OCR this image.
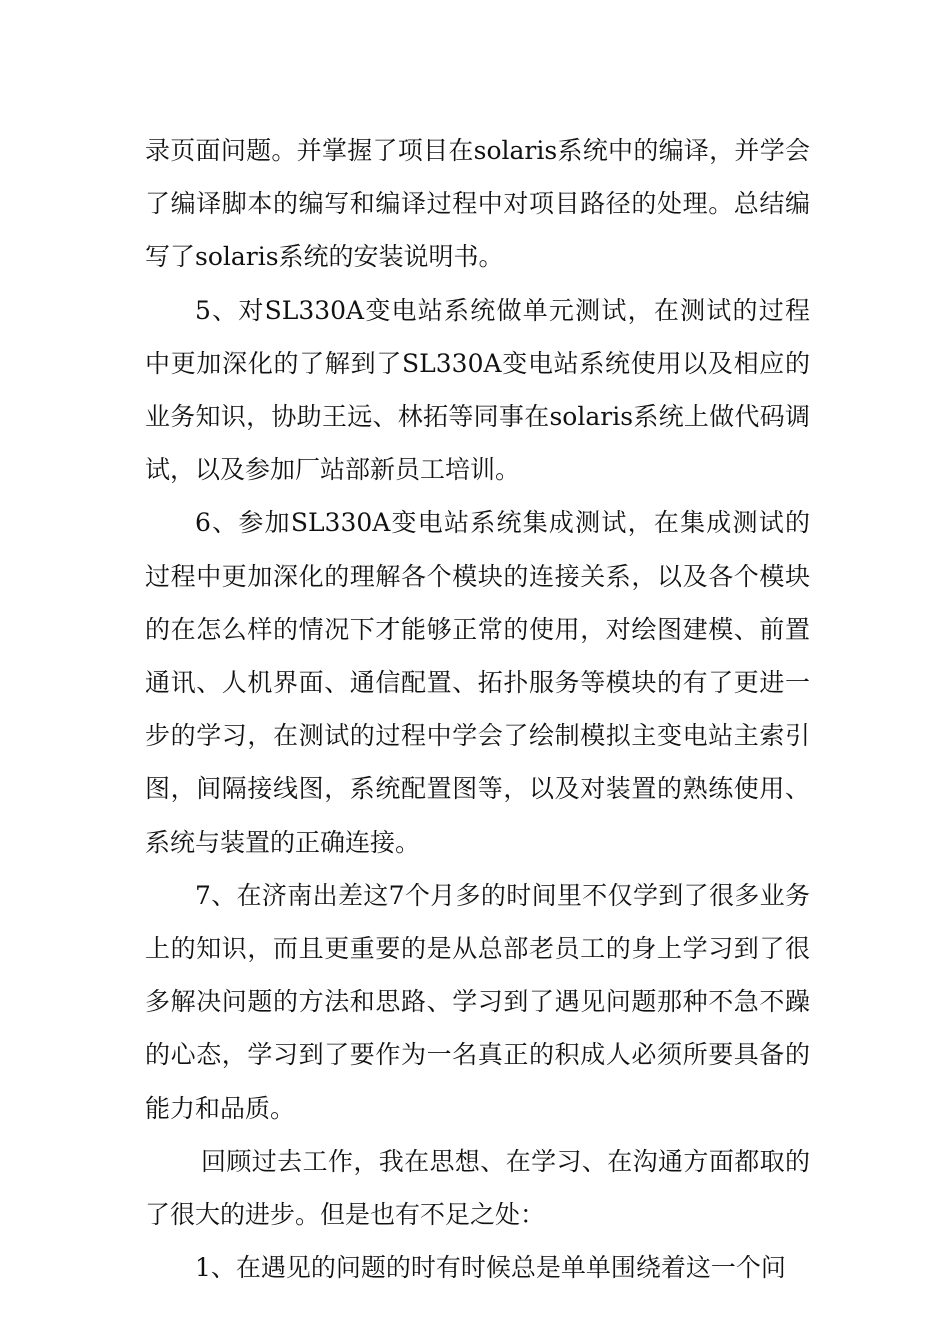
录页面问题。并掌握了项目在solaris系统中的编译，并学会了编译脚本的编写和编译过程中对项目路径的处理。总结编写了solaris系统的安装说明书。

5、对SL330A变电站系统做单元测试，在测试的过程中更加深化的了解到了SL330A变电站系统使用以及相应的业务知识，协助王远、林拓等同事在solaris系统上做代码调试，以及参加厂站部新员工培训。

6、参加SL330A变电站系统集成测试，在集成测试的过程中更加深化的理解各个模块的连接关系，以及各个模块的在怎么样的情况下才能够正常的使用，对绘图建模、前置通讯、人机界面、通信配置、拓扑服务等模块的有了更进一步的学习，在测试的过程中学会了绘制模拟主变电站主索引图，间隔接线图，系统配置图等，以及对装置的熟练使用、系统与装置的正确连接。

7、在济南出差这7个月多的时间里不仅学到了很多业务上的知识，而且更重要的是从总部老员工的身上学习到了很多解决问题的方法和思路、学习到了遇见问题那种不急不躁的心态，学习到了要作为一名真正的积成人必须所要具备的能力和品质。

回顾过去工作，我在思想、在学习、在沟通方面都取的了很大的进步。但是也有不足之处：

1、在遇见的问题的时有时候总是单单围绕着这一个问
